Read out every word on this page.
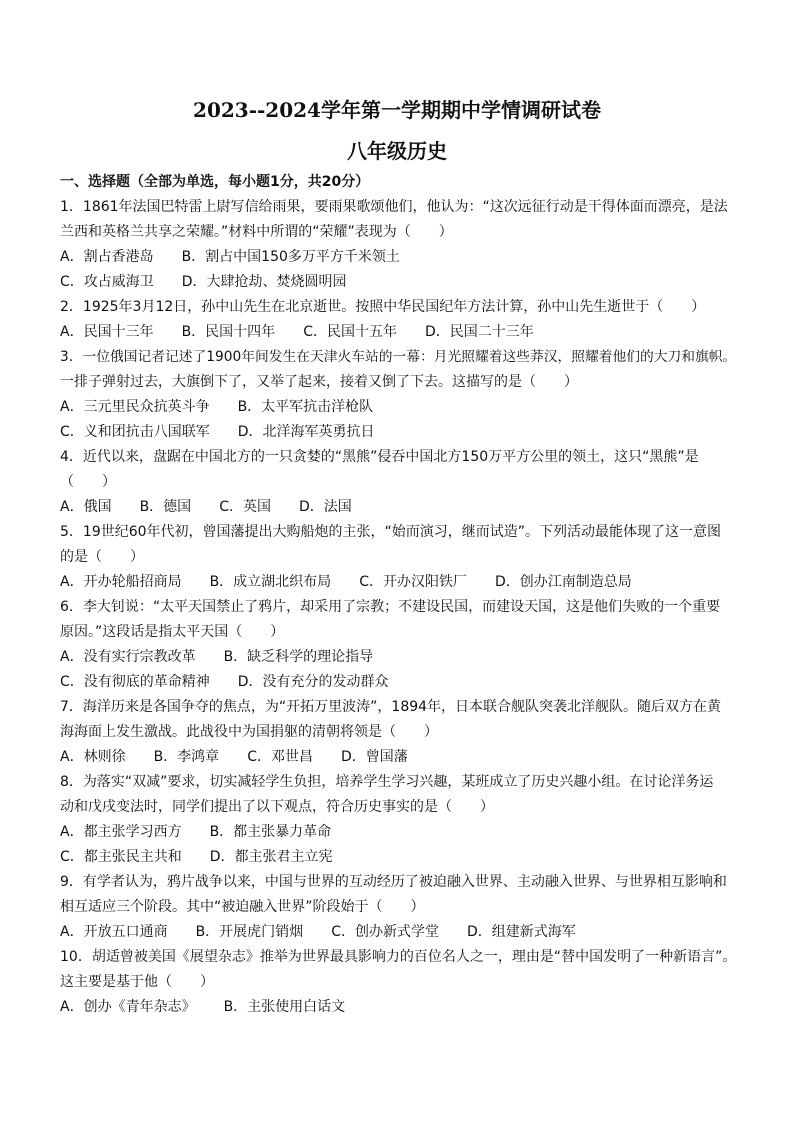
2023--2024学年第一学期期中学情调研试卷
八年级历史
一、选择题（全部为单选，每小题1分，共20分）
1．1861年法国巴特雷上尉写信给雨果，要雨果歌颂他们，他认为：“这次远征行动是干得体面而漂亮，是法
兰西和英格兰共享之荣耀。”材料中所谓的“荣耀”表现为（　　）
A．割占香港岛 B．割占中国150多万平方千米领土
C．攻占威海卫 D．大肆抢劫、焚烧圆明园
2．1925年3月12日，孙中山先生在北京逝世。按照中华民国纪年方法计算，孙中山先生逝世于（　　）
A．民国十三年 B．民国十四年 C．民国十五年 D．民国二十三年
3．一位俄国记者记述了1900年间发生在天津火车站的一幕：月光照耀着这些莽汉，照耀着他们的大刀和旗帜。
一排子弹射过去，大旗倒下了，又举了起来，接着又倒了下去。这描写的是（　　）
A．三元里民众抗英斗争 B．太平军抗击洋枪队
C．义和团抗击八国联军 D．北洋海军英勇抗日
4．近代以来，盘踞在中国北方的一只贪婪的“黑熊”侵吞中国北方150万平方公里的领土，这只“黑熊”是
（　　）
A．俄国 B．德国 C．英国 D．法国
5．19世纪60年代初，曾国藩提出大购船炮的主张，“始而演习，继而试造”。下列活动最能体现了这一意图
的是（　　）
A．开办轮船招商局 B．成立湖北织布局 C．开办汉阳铁厂 D．创办江南制造总局
6．李大钊说：“太平天国禁止了鸦片，却采用了宗教；不建设民国，而建设天国，这是他们失败的一个重要
原因。”这段话是指太平天国（　　）
A．没有实行宗教改革 B．缺乏科学的理论指导
C．没有彻底的革命精神 D．没有充分的发动群众
7．海洋历来是各国争夺的焦点，为“开拓万里波涛”，1894年，日本联合舰队突袭北洋舰队。随后双方在黄
海海面上发生激战。此战役中为国捐躯的清朝将领是（　　）
A．林则徐 B．李鸿章 C．邓世昌 D．曾国藩
8．为落实“双减”要求，切实减轻学生负担，培养学生学习兴趣，某班成立了历史兴趣小组。在讨论洋务运
动和戊戌变法时，同学们提出了以下观点，符合历史事实的是（　　）
A．都主张学习西方 B．都主张暴力革命
C．都主张民主共和 D．都主张君主立宪
9．有学者认为，鸦片战争以来，中国与世界的互动经历了被迫融入世界、主动融入世界、与世界相互影响和
相互适应三个阶段。其中“被迫融入世界”阶段始于（　　）
A．开放五口通商 B．开展虎门销烟 C．创办新式学堂 D．组建新式海军
10．胡适曾被美国《展望杂志》推举为世界最具影响力的百位名人之一，理由是“替中国发明了一种新语言”。
这主要是基于他（　　）
A．创办《青年杂志》 B．主张使用白话文
